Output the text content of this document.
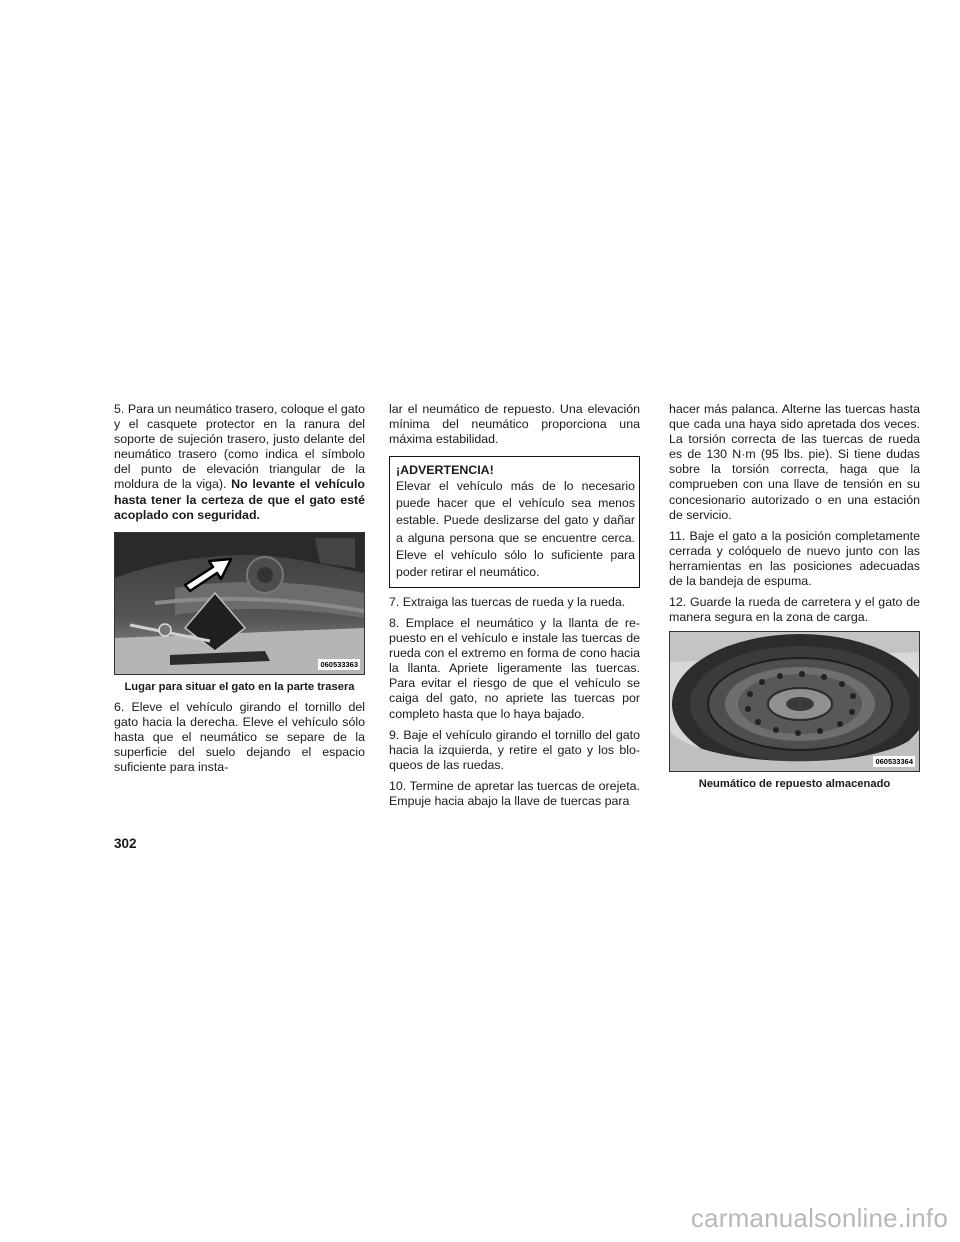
5. Para un neumático trasero, coloque el gato y el casquete protector en la ranura del soporte de sujeción trasero, justo delante del neumático trasero (como indica el símbolo del punto de elevación triangular de la moldura de la viga). No levante el vehículo hasta tener la certeza de que el gato esté acoplado con seguridad.

060533363
Lugar para situar el gato en la parte trasera

6. Eleve el vehículo girando el tornillo del gato hacia la derecha. Eleve el vehículo sólo hasta que el neumático se separe de la superficie del suelo dejando el espacio suficiente para insta-

lar el neumático de repuesto. Una elevación mínima del neumático proporciona una máxima estabilidad.

¡ADVERTENCIA!

Elevar el vehículo más de lo necesario puede hacer que el vehículo sea menos estable. Puede deslizarse del gato y dañar a alguna persona que se encuentre cerca. Eleve el vehículo sólo lo suficiente para poder retirar el neumático.

7. Extraiga las tuercas de rueda y la rueda.

8. Emplace el neumático y la llanta de repuesto en el vehículo e instale las tuercas de rueda con el extremo en forma de cono hacia la llanta. Apriete ligeramente las tuercas. Para evitar el riesgo de que el vehículo se caiga del gato, no apriete las tuercas por completo hasta que lo haya bajado.

9. Baje el vehículo girando el tornillo del gato hacia la izquierda, y retire el gato y los bloqueos de las ruedas.

10. Termine de apretar las tuercas de orejeta. Empuje hacia abajo la llave de tuercas para

hacer más palanca. Alterne las tuercas hasta que cada una haya sido apretada dos veces. La torsión correcta de las tuercas de rueda es de 130 N·m (95 lbs. pie). Si tiene dudas sobre la torsión correcta, haga que la comprueben con una llave de tensión en su concesionario autorizado o en una estación de servicio.

11. Baje el gato a la posición completamente cerrada y colóquelo de nuevo junto con las herramientas en las posiciones adecuadas de la bandeja de espuma.

12. Guarde la rueda de carretera y el gato de manera segura en la zona de carga.

060533364
Neumático de repuesto almacenado
302
carmanualsonline.info
